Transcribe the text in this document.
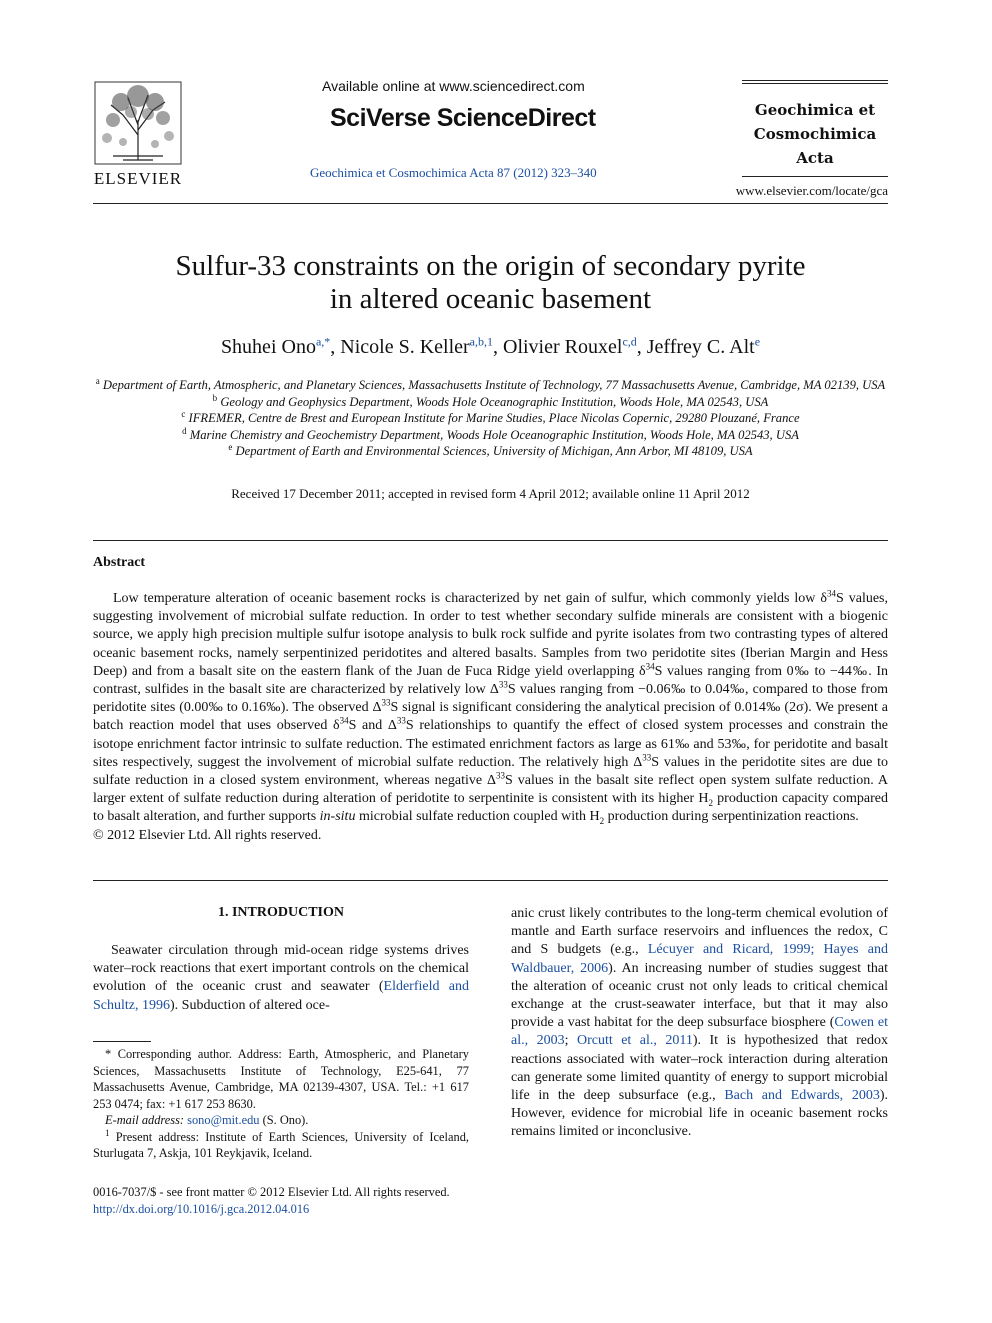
ELSEVIER
Available online at www.sciencedirect.com
SciVerse ScienceDirect
Geochimica et Cosmochimica Acta 87 (2012) 323–340
Geochimica et
Cosmochimica
Acta
www.elsevier.com/locate/gca
Sulfur-33 constraints on the origin of secondary pyrite
in altered oceanic basement
Shuhei Ono$^{a,*}$, Nicole S. Keller$^{a,b,1}$, Olivier Rouxel$^{c,d}$, Jeffrey C. Alt$^e$
$^a$ Department of Earth, Atmospheric, and Planetary Sciences, Massachusetts Institute of Technology, 77 Massachusetts Avenue, Cambridge, MA 02139, USA
$^b$ Geology and Geophysics Department, Woods Hole Oceanographic Institution, Woods Hole, MA 02543, USA
$^c$ IFREMER, Centre de Brest and European Institute for Marine Studies, Place Nicolas Copernic, 29280 Plouzané, France
$^d$ Marine Chemistry and Geochemistry Department, Woods Hole Oceanographic Institution, Woods Hole, MA 02543, USA
$^e$ Department of Earth and Environmental Sciences, University of Michigan, Ann Arbor, MI 48109, USA
Received 17 December 2011; accepted in revised form 4 April 2012; available online 11 April 2012
Abstract
Low temperature alteration of oceanic basement rocks is characterized by net gain of sulfur, which commonly yields low $\delta^{34}S$ values, suggesting involvement of microbial sulfate reduction. In order to test whether secondary sulfide minerals are consistent with a biogenic source, we apply high precision multiple sulfur isotope analysis to bulk rock sulfide and pyrite isolates from two contrasting types of altered oceanic basement rocks, namely serpentinized peridotites and altered basalts. Samples from two peridotite sites (Iberian Margin and Hess Deep) and from a basalt site on the eastern flank of the Juan de Fuca Ridge yield overlapping $\delta^{34}S$ values ranging from 0‰ to −44‰. In contrast, sulfides in the basalt site are characterized by relatively low $\Delta^{33}S$ values ranging from −0.06‰ to 0.04‰, compared to those from peridotite sites (0.00‰ to 0.16‰). The observed $\Delta^{33}S$ signal is significant considering the analytical precision of 0.014‰ (2σ). We present a batch reaction model that uses observed $\delta^{34}S$ and $\Delta^{33}S$ relationships to quantify the effect of closed system processes and constrain the isotope enrichment factor intrinsic to sulfate reduction. The estimated enrichment factors as large as 61‰ and 53‰, for peridotite and basalt sites respectively, suggest the involvement of microbial sulfate reduction. The relatively high $\Delta^{33}S$ values in the peridotite sites are due to sulfate reduction in a closed system environment, whereas negative $\Delta^{33}S$ values in the basalt site reflect open system sulfate reduction. A larger extent of sulfate reduction during alteration of peridotite to serpentinite is consistent with its higher $H_2$ production capacity compared to basalt alteration, and further supports in-situ microbial sulfate reduction coupled with $H_2$ production during serpentinization reactions.
© 2012 Elsevier Ltd. All rights reserved.
1. INTRODUCTION
Seawater circulation through mid-ocean ridge systems drives water–rock reactions that exert important controls on the chemical evolution of the oceanic crust and seawater (Elderfield and Schultz, 1996). Subduction of altered oce-
anic crust likely contributes to the long-term chemical evolution of mantle and Earth surface reservoirs and influences the redox, C and S budgets (e.g., Lécuyer and Ricard, 1999; Hayes and Waldbauer, 2006). An increasing number of studies suggest that the alteration of oceanic crust not only leads to critical chemical exchange at the crust-seawater interface, but that it may also provide a vast habitat for the deep subsurface biosphere (Cowen et al., 2003; Orcutt et al., 2011). It is hypothesized that redox reactions associated with water–rock interaction during alteration can generate some limited quantity of energy to support microbial life in the deep subsurface (e.g., Bach and Edwards, 2003). However, evidence for microbial life in oceanic basement rocks remains limited or inconclusive.
* Corresponding author. Address: Earth, Atmospheric, and Planetary Sciences, Massachusetts Institute of Technology, E25-641, 77 Massachusetts Avenue, Cambridge, MA 02139-4307, USA. Tel.: +1 617 253 0474; fax: +1 617 253 8630.
E-mail address: sono@mit.edu (S. Ono).
$^1$ Present address: Institute of Earth Sciences, University of Iceland, Sturlugata 7, Askja, 101 Reykjavik, Iceland.
0016-7037/$ - see front matter © 2012 Elsevier Ltd. All rights reserved.
http://dx.doi.org/10.1016/j.gca.2012.04.016
